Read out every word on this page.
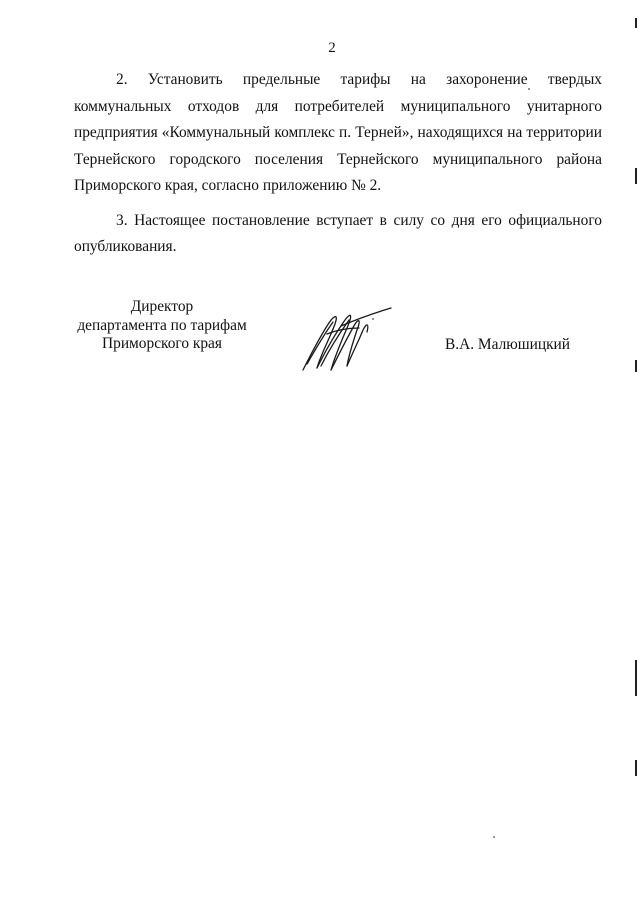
2

2. Установить предельные тарифы на захоронение твердых коммунальных отходов для потребителей муниципального унитарного предприятия «Коммунальный комплекс п. Терней», находящихся на территории Тернейского городского поселения Тернейского муниципального района Приморского края, согласно приложению № 2.

3. Настоящее постановление вступает в силу со дня его официального опубликования.

Директор
департамента по тарифам
Приморского края	В.А. Малюшицкий
